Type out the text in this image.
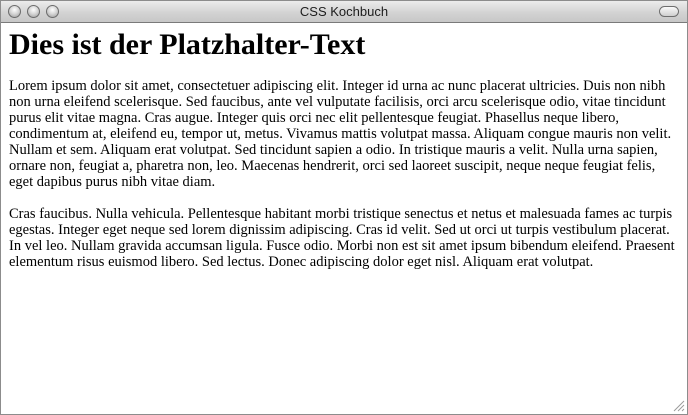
CSS Kochbuch
Dies ist der Platzhalter-Text

Lorem ipsum dolor sit amet, consectetuer adipiscing elit. Integer id urna ac nunc placerat ultricies. Duis non nibh non urna eleifend scelerisque. Sed faucibus, ante vel vulputate facilisis, orci arcu scelerisque odio, vitae tincidunt purus elit vitae magna. Cras augue. Integer quis orci nec elit pellentesque feugiat. Phasellus neque libero, condimentum at, eleifend eu, tempor ut, metus. Vivamus mattis volutpat massa. Aliquam congue mauris non velit. Nullam et sem. Aliquam erat volutpat. Sed tincidunt sapien a odio. In tristique mauris a velit. Nulla urna sapien, ornare non, feugiat a, pharetra non, leo. Maecenas hendrerit, orci sed laoreet suscipit, neque neque feugiat felis, eget dapibus purus nibh vitae diam.

Cras faucibus. Nulla vehicula. Pellentesque habitant morbi tristique senectus et netus et malesuada fames ac turpis egestas. Integer eget neque sed lorem dignissim adipiscing. Cras id velit. Sed ut orci ut turpis vestibulum placerat. In vel leo. Nullam gravida accumsan ligula. Fusce odio. Morbi non est sit amet ipsum bibendum eleifend. Praesent elementum risus euismod libero. Sed lectus. Donec adipiscing dolor eget nisl. Aliquam erat volutpat.
